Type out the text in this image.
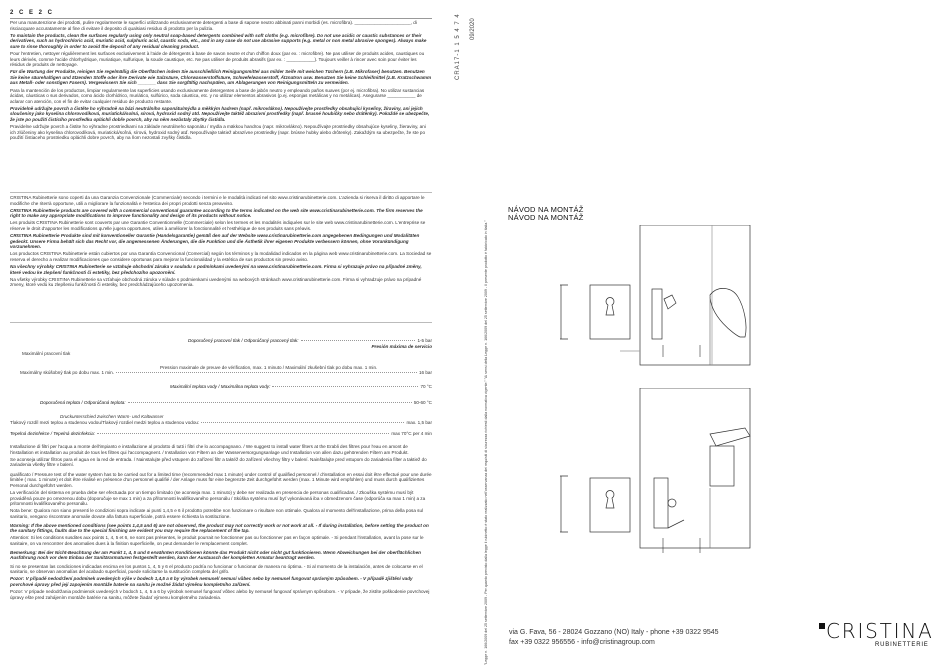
2 C E 2 C

Per una manutenzione dei prodotti, pulire regolarmente le superfici utilizzando esclusivamente detergenti a base di sapone neutro abbinati panni morbidi (es. microfibra). ______________________, di risciacquare accuratamente al fine di evitare il deposito di qualsiasi residuo di prodotto per la pulizia.

To maintain the products, clean the surfaces regularly using only neutral soap-based detergents combined with soft cloths (e.g. microfibre). Do not use acidic or caustic substances or their derivatives, such as hydrochloric acid, muriatic acid, sulphuric acid, caustic soda, etc., and in any case do not use abrasive supports (e.g. metal or non metal abrasive sponges). Always make sure to rinse thoroughly in order to avoid the deposit of any residual cleaning product.

Pour l'entretien, nettoyer régulièrement les surfaces exclusivement à l'aide de détergents à base de savon neutre et d'un chiffon doux (par ex. : microfibre). Ne pas utiliser de produits acides, caustiques ou leurs dérivés, comme l'acide chlorhydrique, muriatique, sulfurique, la soude caustique, etc. Ne pas utiliser de produits abrasifs (par ex. : ___________). Toujours veiller à rincer avec soin pour éviter les résidus de produits de nettoyage.

Für die Wartung der Produkte, reinigen Sie regelmäßig die Oberflächen indem Sie ausschließlich Reinigungsmittel aus milder Seife mit weichen Tüchern (z.B. Mikrofaser) benutzen. Benutzen Sie keine säurehaltigen und ätzenden Stoffe oder ihre Derivate wie Salzsäure, Chlorwasserstoffsäure, Schwefelwasserstoff, Ätznatron usw. Benutzen Sie keine Schleifmittel (z.B. Kratzschwamm aus Metall- oder sonstigen Fasern). Vergewissern Sie sich _______ dass Sie sorgfältig nachspülen, um Ablagerungen von Reinigungsmitteln zu vermeiden.

Para la mantención de los productos, limpiar regularmente las superficies usando exclusivamente detergentes a base de jabón neutro y empleando paños suaves (por ej. microfibra). No utilizar sustancias ácidas, cáusticas o sus derivados, como ácido clorhídrico, muriático, sulfúrico, soda cáustica, etc. y no utilizar elementos abrasivos (p.ej. esponjas metálicas y no metálicas). Asegurarse ___________ de aclarar con atención, con el fin de evitar cualquier residuo de producto restante.

Pravidelně udržujte povrch a čistěte ho výhradně na bázi neutrálního saponátu/mýdla a měkkým hadrem (např. mikrovlákno). Nepoužívejte prostředky obsahující kyseliny, žíraviny, ani jejich sloučeniny jako kyselina chlorovodíková, muriatická/solná, sírová, hydroxid sodný atd. Nepoužívejte taktéž abrazivní prostředky (např. brusné houbičky nebo drátěnky). Pokaždé se ubezpečte, že jste po použití čisticího prostředku opláchli dobře povrch, aby na něm nezůstaly zbytky čistidla.

Pravidelne udržujte povrch a čistite ho výhradne prostriedkami na základe neutrálneho saponátu / mydla a mäkkou handrou (napr. mikrovlákno). Nepoužívajte prostriedky obsahujúce kyseliny, žieraviny, ani ich zlúčeniny ako kyselina chlorovodíková, muriatická/soľná, sírová, hydroxid sodný atď. Nepoužívajte taktiež abrazívne prostriedky (napr. brúsne hubky alebo drôtenky). Zakaždým sa ubezpečte, že ste po použití čistiaceho prostriedku opláchli dobre povrch, aby na ňom nezostali zvyšky čistidla.

CRISTINA Rubinetterie sono coperti da una Garanzia Convenzionale (Commerciale) secondo i termini e le modalità indicati nel sito www.cristinarubinetterie.com. L'azienda si riserva il diritto di apportare le modifiche che riterrà opportune, utili a migliorare la funzionalità e l'estetica dei propri prodotti senza preavviso.

CRISTINA Rubinetterie products are covered with a commercial conventional guarantee according to the terms indicated on the web site www.cristinarubinetterie.com. The firm reserves the right to make any appropriate modifications to improve functionality and design of its products without notice.

Les produits CRISTINA Rubinetterie sont couverts par une Garantie Conventionnelle (Commerciale) selon les termes et les modalités indiquées sur le site web www.cristinarubinetterie.com. L'entreprise se réserve le droit d'apporter les modifications qu'elle jugera opportunes, utiles à améliorer la fonctionnalité et l'esthétique de ses produits sans préavis.

CRISTINA Rubinetterie Produkte sind mit konventioneller Garantie (Handelsgarantie) gemäß den auf der Website www.cristinarubinetterie.com angegebenen Bedingungen und Modalitäten gedeckt. Unsere Firma behält sich das Recht vor, die angemessenen Änderungen, die die Funktion und die Ästhetik ihrer eigenen Produkte verbessern können, ohne Vorankündigung vorzunehmen.

Los productos CRISTINA Rubinetterie están cubiertos por una Garantía Convencional (Comercial) según los términos y la modalidad indicados en la página web www.cristinarubinetterie.com. La Sociedad se reserva el derecho a realizar modificaciones que considere oportunas para mejorar la funcionalidad y la estética de sus productos sin previo aviso.

Na všechny výrobky CRISTINA Rubinetterie se vztahuje obchodní záruka v souladu s podmínkami uvedenými na www.cristinarubinetterie.com. Firma si vyhrazuje právo na případné změny, které vedou ke zlepšení funkčnosti či estetiky, bez předchozího upozornění.

Na všetky výrobky CRISTINA Rubinetterie sa vzťahuje obchodná záruka v súlade s podmienkami uvedenými na webových stránkach www.cristinarubinetterie.com. Firma si vyhradzuje právo na prípadné zmeny, ktoré vedú ku zlepšeniu funkčnosti či estetiky, bez predchádzajúceho upozornenia.

Doporučený pracovní tlak / Odporúčaný pracovný tlak:	1-5 bar
Presión máxima de servicio
Maximální pracovní tlak
Pression maximale de preuve de vérification, max. 1 minuto / Maximální zkušební tlak po dobu max. 1 min.
Maximálny skúšobný tlak po dobu max. 1 min.	16 bar
Maximální teplota vody / Maximálna teplota vody:	70 °C
Doporučená teplota / Odporúčaná teplota:	50-60 °C
Druckunterschied zwischen Warm- und Kaltwasser
Tlakový rozdíl mezi teplou a studenou vodou/Tlakový rozdiel medzi teplou a studenou vodou:	max. 1,5 bar
Tepelná dezinfekce / Tepelná dezinfekcia:	max 70°C per 4 min

Installazione di filtri per l'acqua a monte dell'impianto e installazione al prodotto di tutti i filtri che lo accompagnano. / We suggest to install water filters at the Erabli des filtres pour l'eau en amont de l'installation et installation au produit de tous les filtres qui l'accompagnent. / Installation von Filtern an der Wasserversorgungsanlage und Installation von allen dazu gehörenden Filtern am Produkt.

Se aconseja utilizar filtros para el agua en la red de entrada. / Nainstalujte před vstupem do zařízení filtr a taktéž do zařízení všechny filtry v balení. Nainštalujte pred vstupom do zariadenia filter a taktiež do zariadenia všetky filtre v balení.

qualificato / Pressure test of the water system has to be carried out for a limited time (recommended max 1 minute) under control of qualified personnel / d'installation en essai doit être effectué pour une durée limitée ( max. 1 minute) et doit être réalisé en présence d'un personnel qualifié / der Anlage muss für eine begrenzte Zeit durchgeführt werden (max. 1 Minute wird empfohlen) und muss durch qualifiziertes Personal durchgeführt werden.

La verificación del sistema en prueba debe ser efectuada por un tiempo limitado (se aconseja max. 1 minuto) y debe ser realizada en presencia de personas cualificadas. / Zkouška systému musí být prováděná pouze po omezenou dobu (doporučuje se max 1 min) a za přítomnosti kvalifikovaného personálu / Skúška systému musí byť vykonávaná iba v obmedzenom čase (odporúča sa max 1 min) a za prítomnosti kvalifikovaného personálu.

Nota bene: Qualora non siano presenti le condizioni sopra indicate ai punti 1,4,5 e 6 il prodotto potrebbe non funzionare o risultare non ottimale. Qualora al momento dell'installazione, prima della posa sul sanitario, vengano riscontrate anomalie dovute alla fattura superficiale, potrà essere richiesta la sostituzione.

Warning: If the above mentioned conditions (see points 1,4,5 and 6) are not observed, the product may not correctly work or not work at all. - If during installation, before setting the product on the sanitary fittings, faults due to the special finishing are evident you may require the replacement of the tap.

Attention: Si les conditions susdites aux points 1, 4, 5 et 6, ne sont pas présentes, le produit pourrait ne fonctionner pas ou fonctionner pas en façon optimale. - Si pendant l'installation, avant la pose sur le sanitaire, on va rencontrer des anomalies dues à la finition superficielle, on peut demander le remplacement complet.

Bemerkung: Bei der Nicht-Beachtung der am Punkt 1, 4, 5 und 6 erwähnten Konditionen könnte das Produkt nicht oder nicht gut funktionieren. Wenn Abweichungen bei der oberflächlichen Ausführung noch vor dem Einbau der Sanitärarmaturen festgestellt werden, kann der Austausch der kompletten Armatur beantragt werden.

Si no se presentan las condiciones indicadas encima en los puntos 1, 4, 5 y 6 el producto podría no funcionar o funcionar de manera no óptima. - Si al momento de la instalación, antes de colocarse en el sanitario, se observan anomalías del acabado superficial, puede solicitarse la sustitución completa del grifo.

Pozor: V případě nedodržení podmínek uvedených výše v bodech 1,4,5 a 6 by výrobek nemusel/ nemusí vůbec nebo by nemusel fungovat správným způsobem. - V případě zjištění vady povrchové úpravy před její zapojením montáže baterie na sanitu je možné žádat výměnu kompletního zařízení.

Pozor: V prípade nedodržania podmienok uvedených v bodoch 1, 4, 5 a 6 by výrobok nemusel fungovať vôbec alebo by nemusel fungovať správnym spôsobom. - V prípade, že zistíte poškodenie povrchovej úpravy ešte pred zahájením montáže batérie na sanitu, môžete žiadať výmenu kompletného zariadenia.

CRA17-1 1 5 4 7 4 09/2020
"Legge n. 166/2009 del 25 settembre 2009 - Per quanto previsto dalla legge il rubinetto è stato realizzato nell'osservanza dei requisiti di sicurezza richiesti dalla normativa vigente." "Ai sensi della Legge n. 166/2009 del 25 settembre 2009 - Il presente prodotto è fabbricato in Italia."
NÁVOD NA MONTÁŽ
NÁVOD NA MONTÁŽ
via G. Fava, 56 - 28024 Gozzano (NO) Italy - phone +39 0322 9545
fax +39 0322 956556 - info@cristinagroup.com	CRISTINA
RUBINETTERIE
